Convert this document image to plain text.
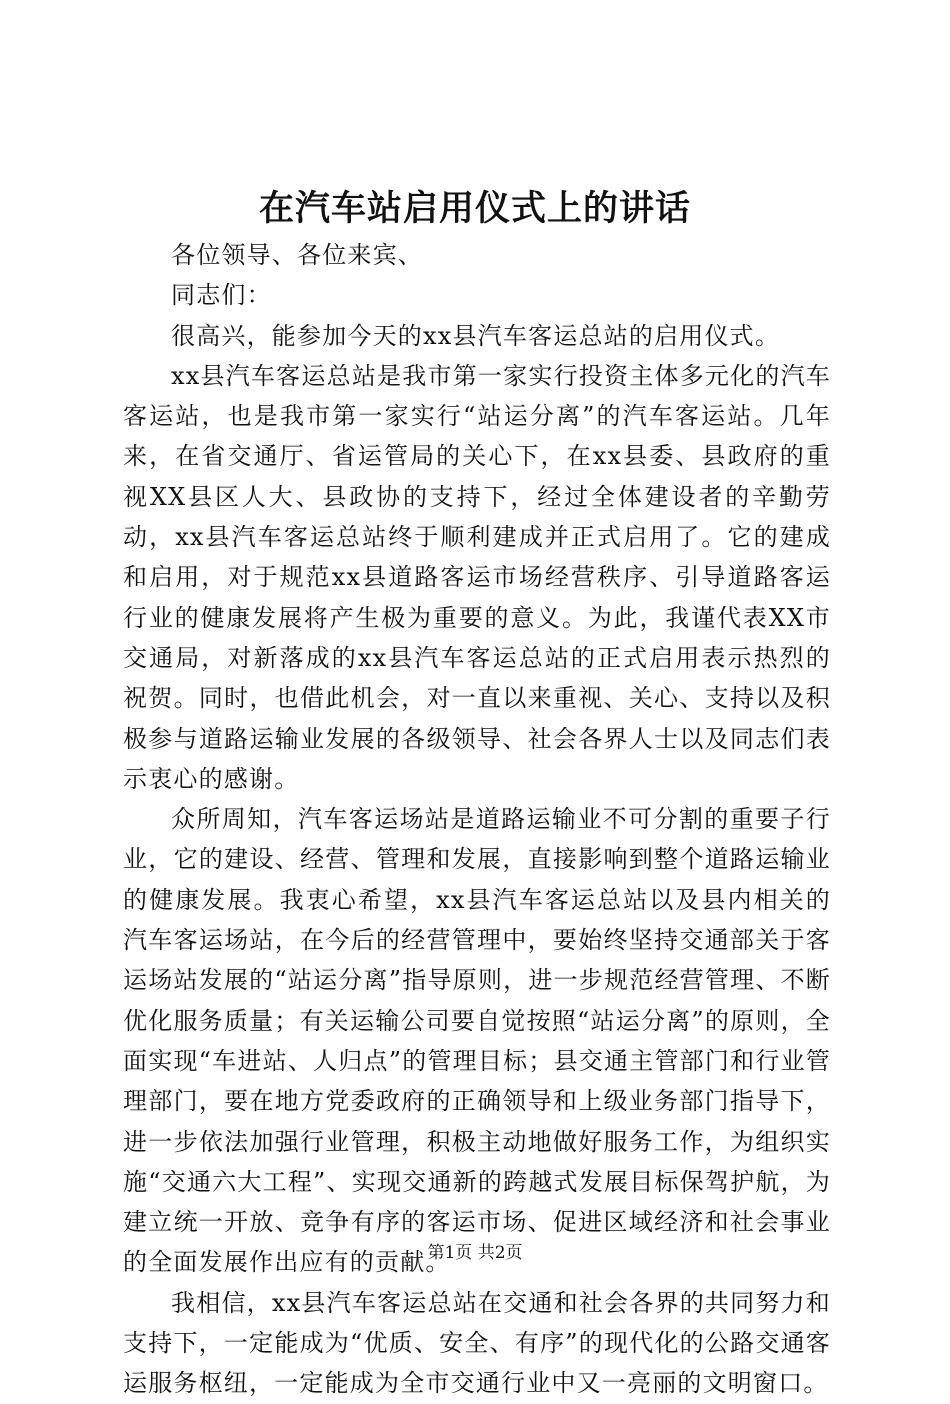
在汽车站启用仪式上的讲话

各位领导、各位来宾、

同志们：

很高兴，能参加今天的xx县汽车客运总站的启用仪式。

xx县汽车客运总站是我市第一家实行投资主体多元化的汽车客运站，也是我市第一家实行“站运分离”的汽车客运站。几年来，在省交通厅、省运管局的关心下，在xx县委、县政府的重视XX县区人大、县政协的支持下，经过全体建设者的辛勤劳动，xx县汽车客运总站终于顺利建成并正式启用了。它的建成和启用，对于规范xx县道路客运市场经营秩序、引导道路客运行业的健康发展将产生极为重要的意义。为此，我谨代表XX市交通局，对新落成的xx县汽车客运总站的正式启用表示热烈的祝贺。同时，也借此机会，对一直以来重视、关心、支持以及积极参与道路运输业发展的各级领导、社会各界人士以及同志们表示衷心的感谢。

众所周知，汽车客运场站是道路运输业不可分割的重要子行业，它的建设、经营、管理和发展，直接影响到整个道路运输业的健康发展。我衷心希望，xx县汽车客运总站以及县内相关的汽车客运场站，在今后的经营管理中，要始终坚持交通部关于客运场站发展的“站运分离”指导原则，进一步规范经营管理、不断优化服务质量；有关运输公司要自觉按照“站运分离”的原则，全面实现“车进站、人归点”的管理目标；县交通主管部门和行业管理部门，要在地方党委政府的正确领导和上级业务部门指导下，进一步依法加强行业管理，积极主动地做好服务工作，为组织实施“交通六大工程”、实现交通新的跨越式发展目标保驾护航，为建立统一开放、竞争有序的客运市场、促进区域经济和社会事业的全面发展作出应有的贡献。

我相信，xx县汽车客运总站在交通和社会各界的共同努力和支持下，一定能成为“优质、安全、有序”的现代化的公路交通客运服务枢纽，一定能成为全市交通行业中又一亮丽的文明窗口。

第1页 共2页
